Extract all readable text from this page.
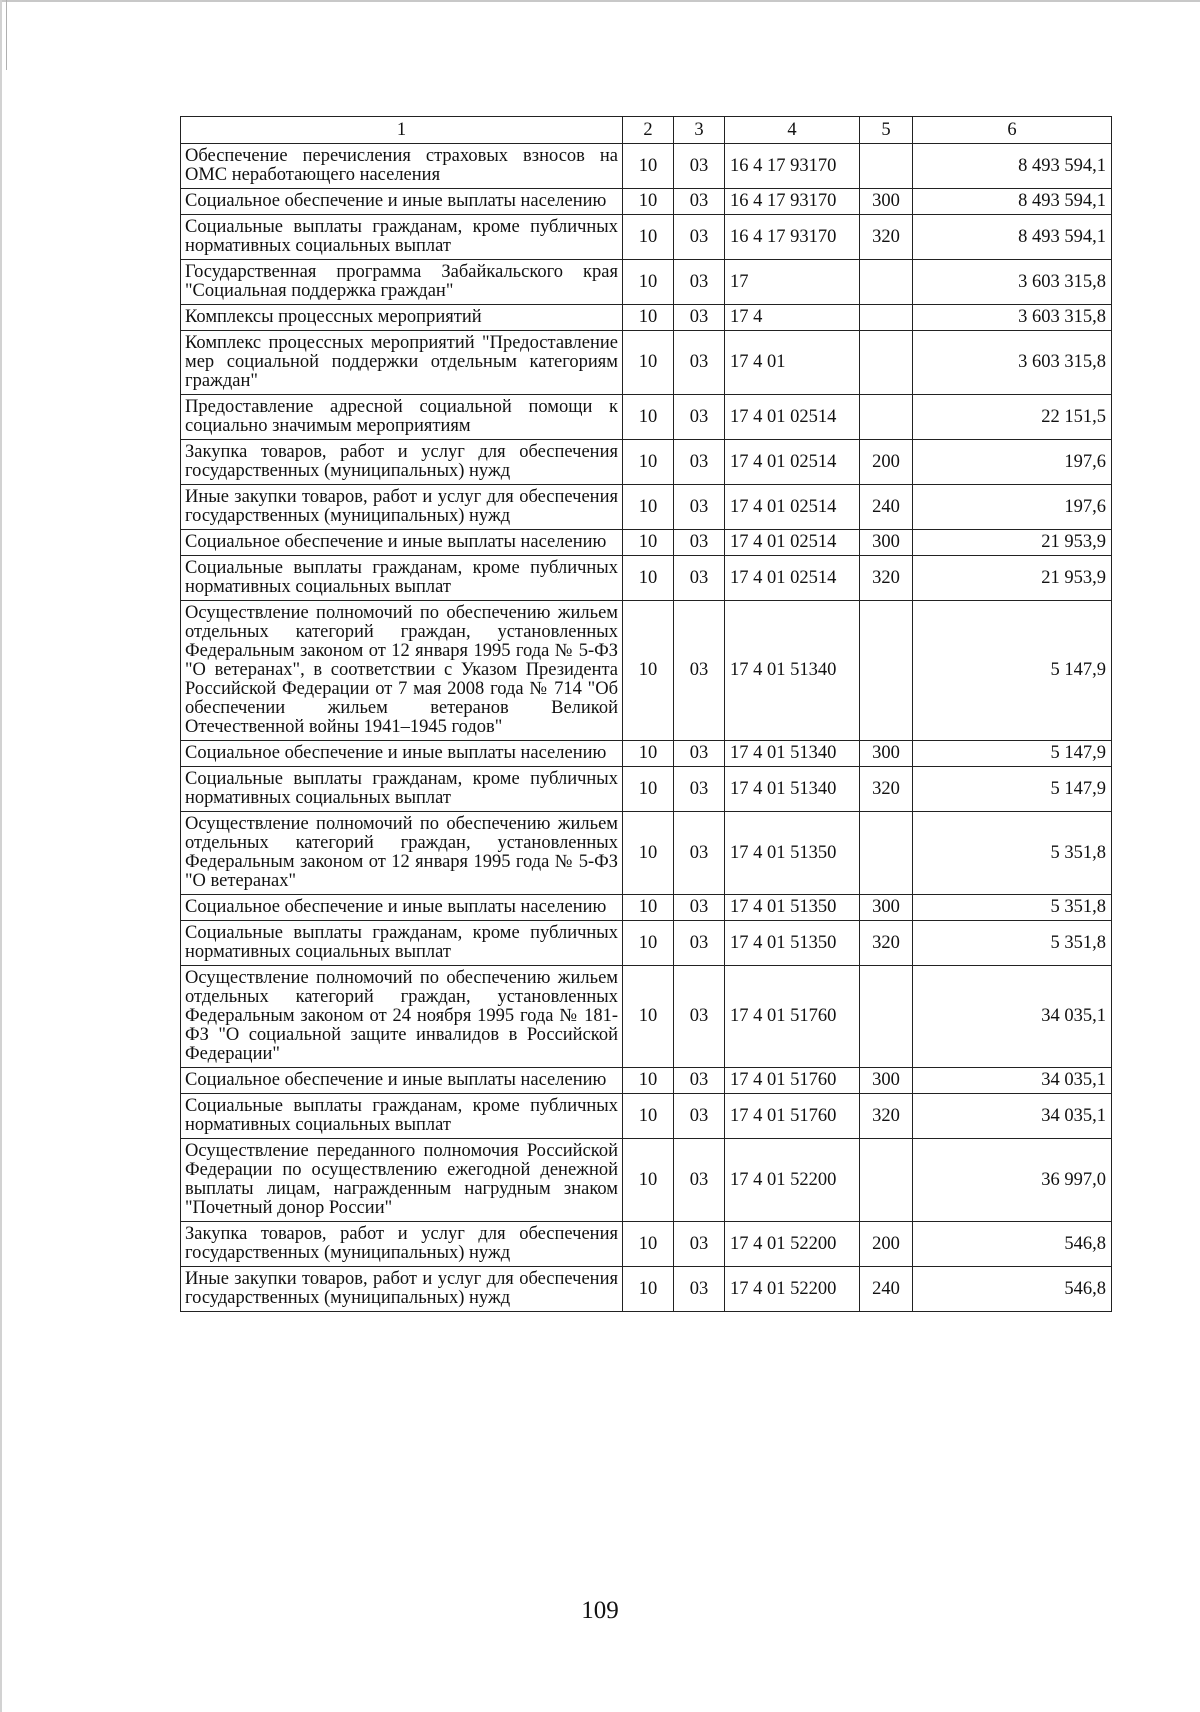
1	2	3	4	5	6
Обеспечение перечисления страховых взносов на ОМС неработающего населения	10	03	16 4 17 93170		8 493 594,1
Социальное обеспечение и иные выплаты населению	10	03	16 4 17 93170	300	8 493 594,1
Социальные выплаты гражданам, кроме публичных нормативных социальных выплат	10	03	16 4 17 93170	320	8 493 594,1
Государственная программа Забайкальского края "Социальная поддержка граждан"	10	03	17		3 603 315,8
Комплексы процессных мероприятий	10	03	17 4		3 603 315,8
Комплекс процессных мероприятий "Предоставление мер социальной поддержки отдельным категориям граждан"	10	03	17 4 01		3 603 315,8
Предоставление адресной социальной помощи к социально значимым мероприятиям	10	03	17 4 01 02514		22 151,5
Закупка товаров, работ и услуг для обеспечения государственных (муниципальных) нужд	10	03	17 4 01 02514	200	197,6
Иные закупки товаров, работ и услуг для обеспечения государственных (муниципальных) нужд	10	03	17 4 01 02514	240	197,6
Социальное обеспечение и иные выплаты населению	10	03	17 4 01 02514	300	21 953,9
Социальные выплаты гражданам, кроме публичных нормативных социальных выплат	10	03	17 4 01 02514	320	21 953,9
Осуществление полномочий по обеспечению жильем отдельных категорий граждан, установленных Федеральным законом от 12 января 1995 года № 5-ФЗ "О ветеранах", в соответствии с Указом Президента Российской Федерации от 7 мая 2008 года № 714 "Об обеспечении жильем ветеранов Великой Отечественной войны 1941–1945 годов"	10	03	17 4 01 51340		5 147,9
Социальное обеспечение и иные выплаты населению	10	03	17 4 01 51340	300	5 147,9
Социальные выплаты гражданам, кроме публичных нормативных социальных выплат	10	03	17 4 01 51340	320	5 147,9
Осуществление полномочий по обеспечению жильем отдельных категорий граждан, установленных Федеральным законом от 12 января 1995 года № 5-ФЗ "О ветеранах"	10	03	17 4 01 51350		5 351,8
Социальное обеспечение и иные выплаты населению	10	03	17 4 01 51350	300	5 351,8
Социальные выплаты гражданам, кроме публичных нормативных социальных выплат	10	03	17 4 01 51350	320	5 351,8
Осуществление полномочий по обеспечению жильем отдельных категорий граждан, установленных Федеральным законом от 24 ноября 1995 года № 181-ФЗ "О социальной защите инвалидов в Российской Федерации"	10	03	17 4 01 51760		34 035,1
Социальное обеспечение и иные выплаты населению	10	03	17 4 01 51760	300	34 035,1
Социальные выплаты гражданам, кроме публичных нормативных социальных выплат	10	03	17 4 01 51760	320	34 035,1
Осуществление переданного полномочия Российской Федерации по осуществлению ежегодной денежной выплаты лицам, награжденным нагрудным знаком "Почетный донор России"	10	03	17 4 01 52200		36 997,0
Закупка товаров, работ и услуг для обеспечения государственных (муниципальных) нужд	10	03	17 4 01 52200	200	546,8
Иные закупки товаров, работ и услуг для обеспечения государственных (муниципальных) нужд	10	03	17 4 01 52200	240	546,8
109
